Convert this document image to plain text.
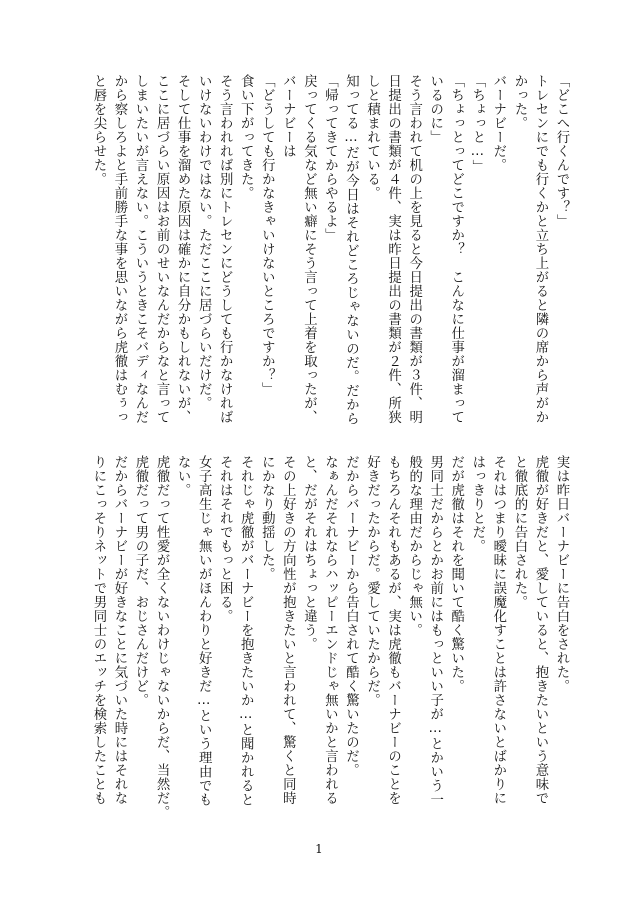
「どこへ行くんです？」
トレセンにでも行くかと立ち上がると隣の席から声がか
かった。
バーナビーだ。
「ちょっと…」
「ちょっとってどこですか？　こんなに仕事が溜まって
いるのに」
そう言われて机の上を見ると今日提出の書類が３件、明
日提出の書類が４件、実は昨日提出の書類が２件、所狭
しと積まれている。
知ってる…だが今日はそれどころじゃないのだ。だから
「帰ってきてからやるよ」
戻ってくる気など無い癖にそう言って上着を取ったが、
バーナビーは
「どうしても行かなきゃいけないところですか？」
食い下がってきた。
そう言われれば別にトレセンにどうしても行かなければ
いけないわけではない。ただここに居づらいだけだ。
そして仕事を溜めた原因は確かに自分かもしれないが、
ここに居づらい原因はお前のせいなんだからなと言って
しまいたいが言えない。こういうときこそバディなんだ
から察しろよと手前勝手な事を思いながら虎徹はむぅっ
と唇を尖らせた。
実は昨日バーナビーに告白をされた。
虎徹が好きだと、愛していると、抱きたいという意味で
と徹底的に告白された。
それはつまり曖昧に誤魔化すことは許さないとばかりに
はっきりとだ。
だが虎徹はそれを聞いて酷く驚いた。
男同士だからとかお前にはもっといい子が…とかいう一
般的な理由だからじゃ無い。
もちろんそれもあるが、実は虎徹もバーナビーのことを
好きだったからだ。愛していたからだ。
だからバーナビーから告白されて酷く驚いたのだ。
なぁんだそれならハッピーエンドじゃ無いかと言われる
と、だがそれはちょっと違う。
その上好きの方向性が抱きたいと言われて、驚くと同時
にかなり動揺した。
それじゃ虎徹がバーナビーを抱きたいか…と聞かれると
それはそれでもっと困る。
女子高生じゃ無いがほんわりと好きだ…という理由でも
ない。
虎徹だって性愛が全くないわけじゃないからだ、当然だ。
虎徹だって男の子だ、おじさんだけど。
だからバーナビーが好きなことに気づいた時にはそれな
りにこっそりネットで男同士のエッチを検索したことも
1
